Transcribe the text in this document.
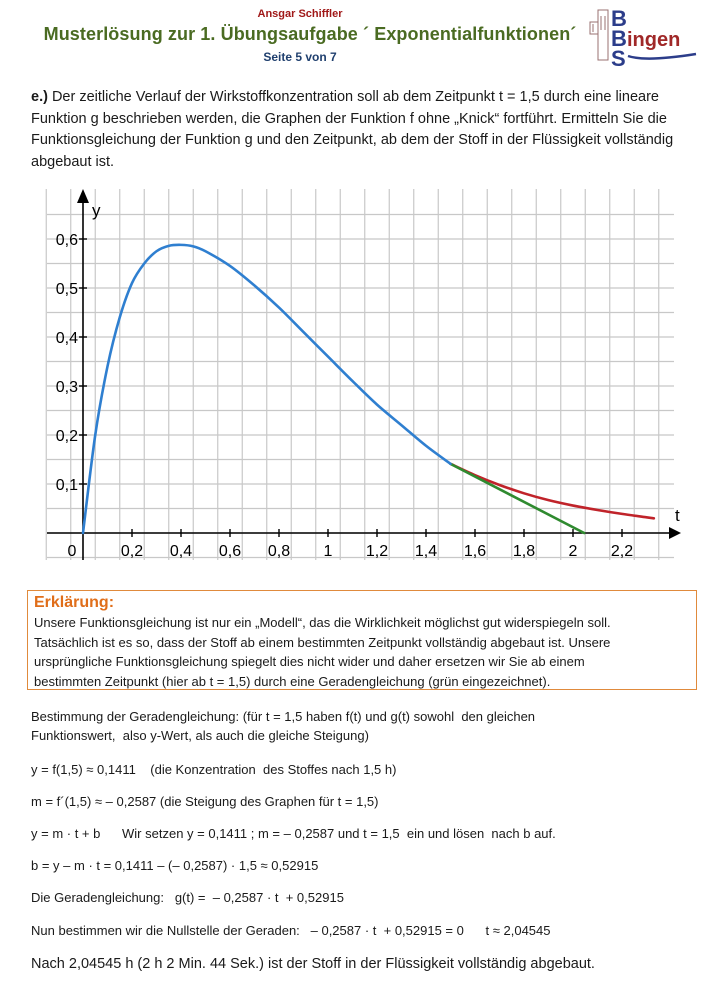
Ansgar Schiffler
Musterlösung zur 1. Übungsaufgabe ´ Exponentialfunktionen´
Seite 5 von 7
B
B
S
ingen
e.) Der zeitliche Verlauf der Wirkstoffkonzentration soll ab dem Zeitpunkt t = 1,5 durch eine lineare Funktion g beschrieben werden, die Graphen der Funktion f ohne „Knick“ fortführt. Ermitteln Sie die Funktionsgleichung der Funktion g und den Zeitpunkt, ab dem der Stoff in der Flüssigkeit vollständig abgebaut ist.
t
y
0	0,2 0,4 0,6 0,8 1 1,2 1,4 1,6 1,8 2 2,2
0,1
0,2
0,3
0,4
0,5
0,6
Erklärung:

Unsere Funktionsgleichung ist nur ein „Modell“, das die Wirklichkeit möglichst gut widerspiegeln soll.

Tatsächlich ist es so, dass der Stoff ab einem bestimmten Zeitpunkt vollständig abgebaut ist. Unsere

ursprüngliche Funktionsgleichung spiegelt dies nicht wider und daher ersetzen wir Sie ab einem

bestimmten Zeitpunkt (hier ab t = 1,5) durch eine Geradengleichung (grün eingezeichnet).

Bestimmung der Geradengleichung: (für t = 1,5 haben f(t) und g(t) sowohl  den gleichen
Funktionswert,  also y-Wert, als auch die gleiche Steigung)
y = f(1,5) ≈ 0,1411    (die Konzentration  des Stoffes nach 1,5 h)
m = f´(1,5) ≈ – 0,2587 (die Steigung des Graphen für t = 1,5)
y = m · t + b      Wir setzen y = 0,1411 ; m = – 0,2587 und t = 1,5  ein und lösen  nach b auf.
b = y – m · t = 0,1411 – (– 0,2587) · 1,5 ≈ 0,52915
Die Geradengleichung:   g(t) =  – 0,2587 · t  + 0,52915
Nun bestimmen wir die Nullstelle der Geraden:   – 0,2587 · t  + 0,52915 = 0      t ≈ 2,04545
Nach 2,04545 h (2 h 2 Min. 44 Sek.) ist der Stoff in der Flüssigkeit vollständig abgebaut.
